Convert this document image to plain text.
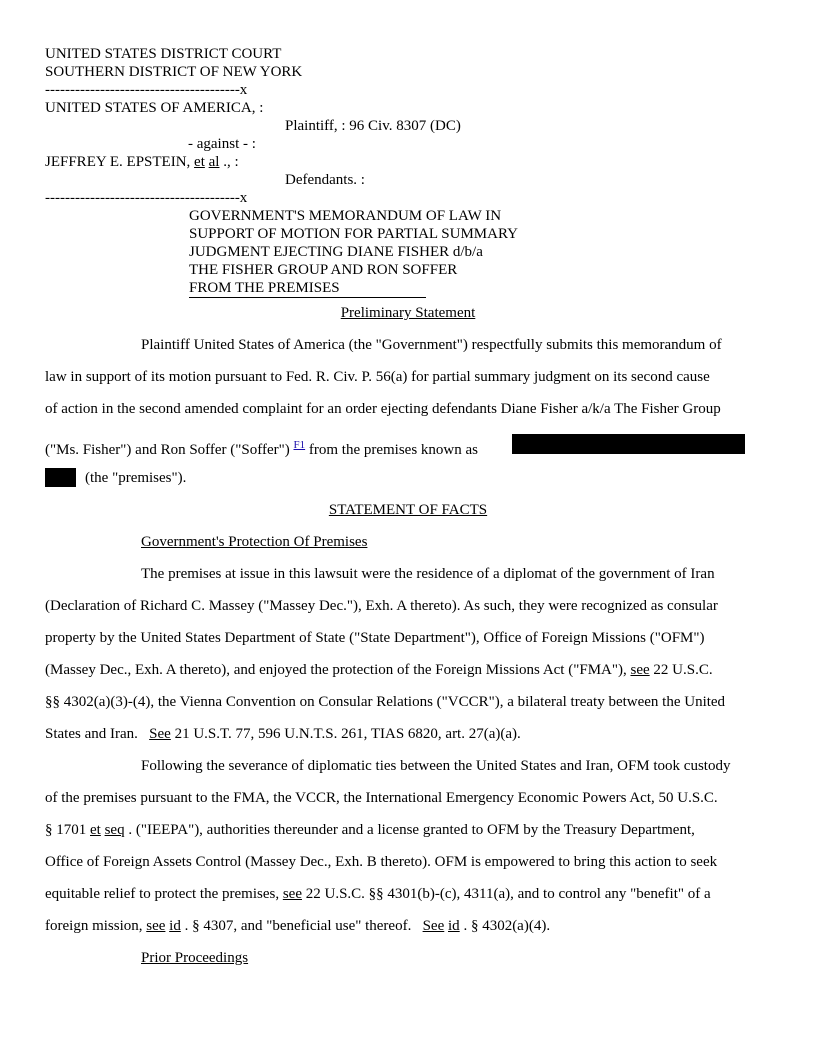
UNITED STATES DISTRICT COURT
SOUTHERN DISTRICT OF NEW YORK
---------------------------------------x
UNITED STATES OF AMERICA, :
Plaintiff, : 96 Civ. 8307 (DC)
- against - :
JEFFREY E. EPSTEIN, et al ., :
Defendants. :
---------------------------------------x
GOVERNMENT'S MEMORANDUM OF LAW IN
SUPPORT OF MOTION FOR PARTIAL SUMMARY
JUDGMENT EJECTING DIANE FISHER d/b/a
THE FISHER GROUP AND RON SOFFER
FROM THE PREMISES
Preliminary Statement
Plaintiff United States of America (the "Government") respectfully submits this memorandum of
law in support of its motion pursuant to Fed. R. Civ. P. 56(a) for partial summary judgment on its second cause
of action in the second amended complaint for an order ejecting defendants Diane Fisher a/k/a The Fisher Group
("Ms. Fisher") and Ron Soffer ("Soffer") $^{F1}$ from the premises known as
(the "premises").
STATEMENT OF FACTS
Government's Protection Of Premises
The premises at issue in this lawsuit were the residence of a diplomat of the government of Iran
(Declaration of Richard C. Massey ("Massey Dec."), Exh. A thereto). As such, they were recognized as consular
property by the United States Department of State ("State Department"), Office of Foreign Missions ("OFM")
(Massey Dec., Exh. A thereto), and enjoyed the protection of the Foreign Missions Act ("FMA"), see 22 U.S.C.
§§ 4302(a)(3)-(4), the Vienna Convention on Consular Relations ("VCCR"), a bilateral treaty between the United
States and Iran. See 21 U.S.T. 77, 596 U.N.T.S. 261, TIAS 6820, art. 27(a)(a).
Following the severance of diplomatic ties between the United States and Iran, OFM took custody
of the premises pursuant to the FMA, the VCCR, the International Emergency Economic Powers Act, 50 U.S.C.
§ 1701 et seq . ("IEEPA"), authorities thereunder and a license granted to OFM by the Treasury Department,
Office of Foreign Assets Control (Massey Dec., Exh. B thereto). OFM is empowered to bring this action to seek
equitable relief to protect the premises, see 22 U.S.C. §§ 4301(b)-(c), 4311(a), and to control any "benefit" of a
foreign mission, see id . § 4307, and "beneficial use" thereof. See id . § 4302(a)(4).
Prior Proceedings
